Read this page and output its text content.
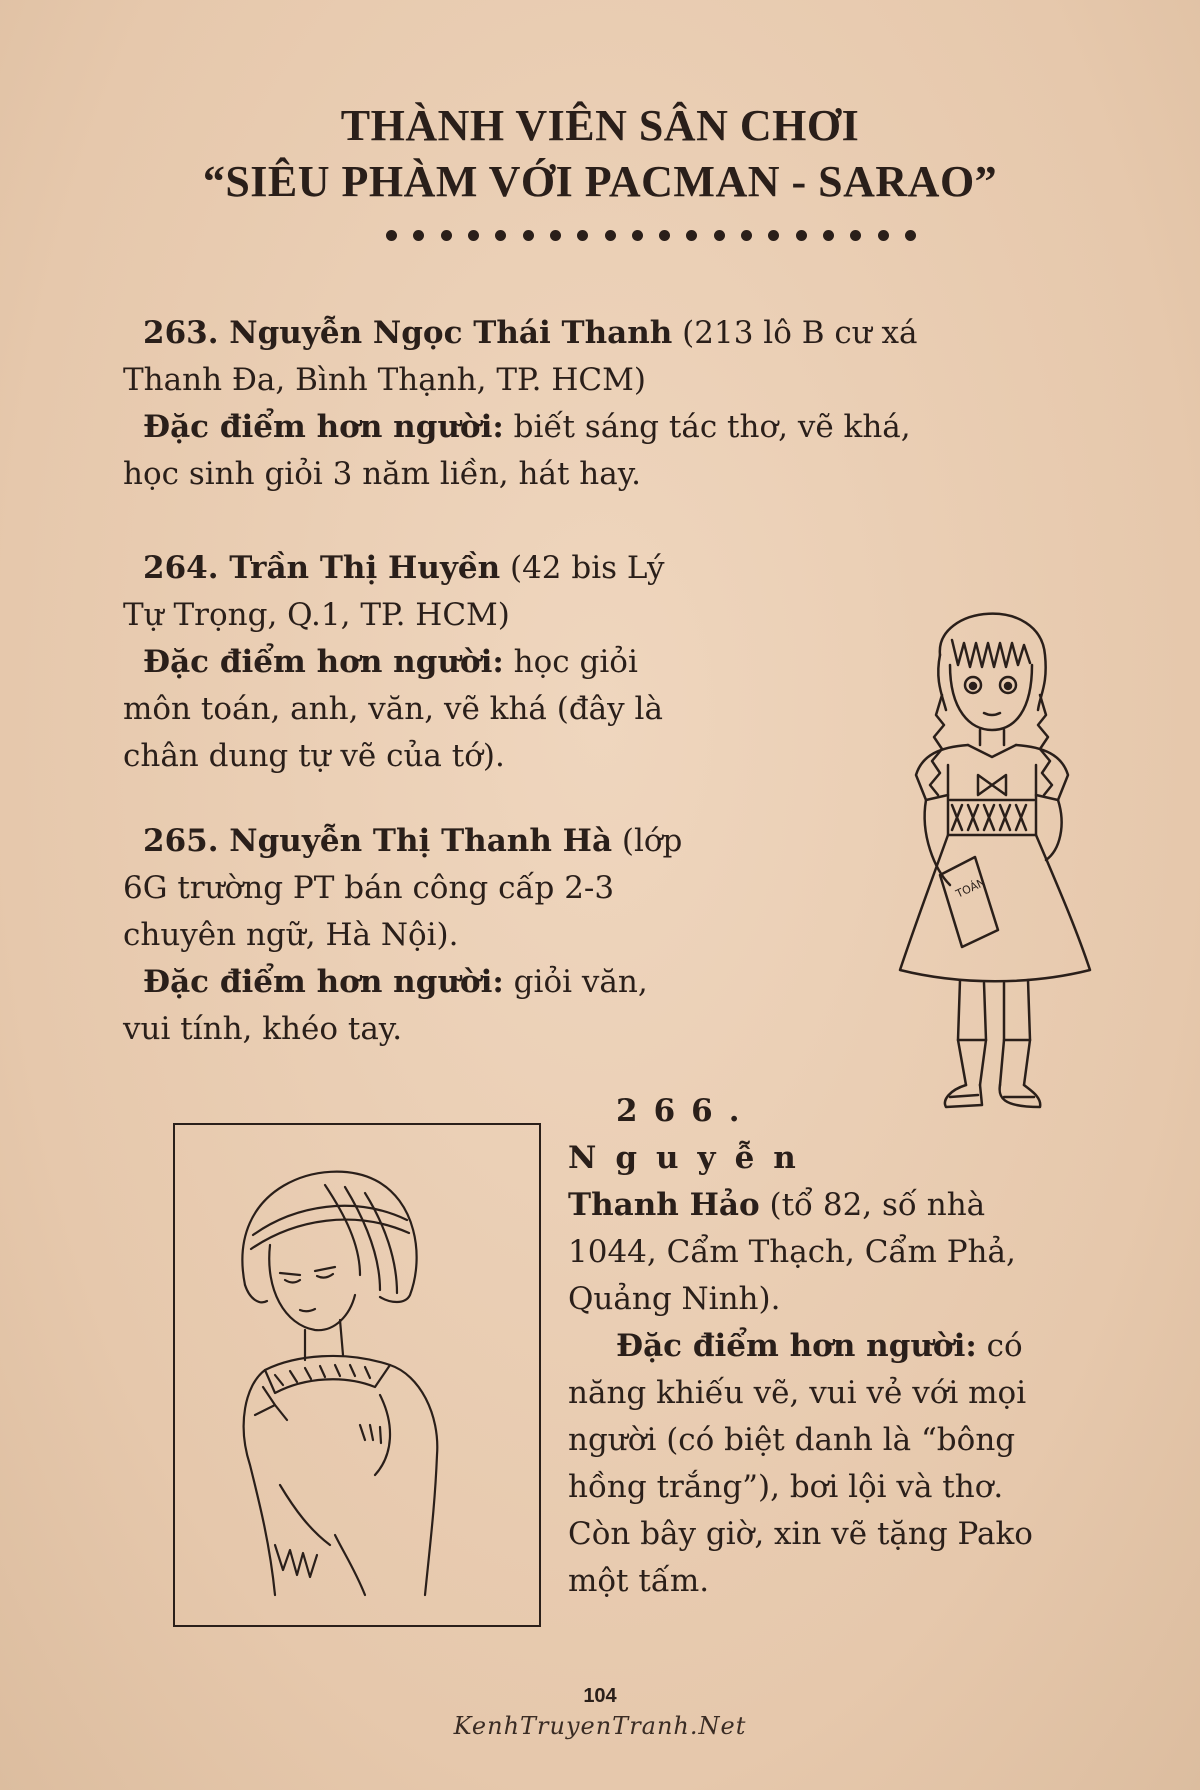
THÀNH VIÊN SÂN CHƠI
“SIÊU PHÀM VỚI PACMAN - SARAO”

263. Nguyễn Ngọc Thái Thanh (213 lô B cư xá

Thanh Đa, Bình Thạnh, TP. HCM)

Đặc điểm hơn người: biết sáng tác thơ, vẽ khá,

học sinh giỏi 3 năm liền, hát hay.

264. Trần Thị Huyền (42 bis Lý

Tự Trọng, Q.1, TP. HCM)

Đặc điểm hơn người: học giỏi

môn toán, anh, văn, vẽ khá (đây là

chân dung tự vẽ của tớ).

265. Nguyễn Thị Thanh Hà (lớp

6G trường PT bán công cấp 2-3

chuyên ngữ, Hà Nội).

Đặc điểm hơn người: giỏi văn,

vui tính, khéo tay.

266.

Nguyễn

Thanh Hảo (tổ 82, số nhà

1044, Cẩm Thạch, Cẩm Phả,

Quảng Ninh).

Đặc điểm hơn người: có

năng khiếu vẽ, vui vẻ với mọi

người (có biệt danh là “bông

hồng trắng”), bơi lội và thơ.

Còn bây giờ, xin vẽ tặng Pako

một tấm.

TOÁN
104
KenhTruyenTranh.Net
